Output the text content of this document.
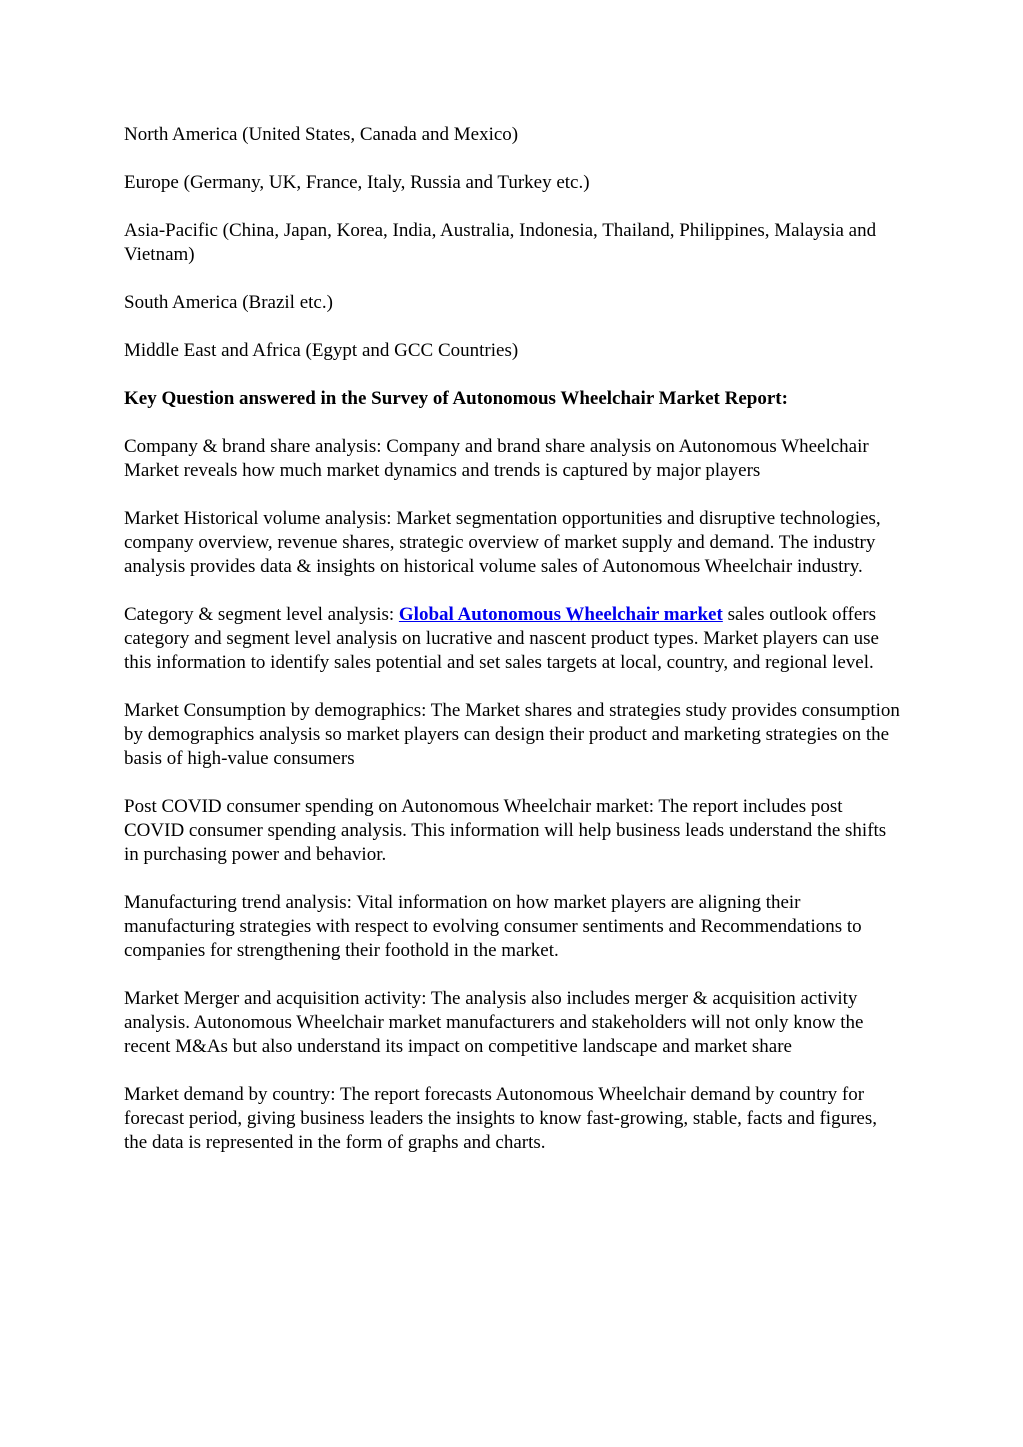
North America (United States, Canada and Mexico)

Europe (Germany, UK, France, Italy, Russia and Turkey etc.)

Asia-Pacific (China, Japan, Korea, India, Australia, Indonesia, Thailand, Philippines, Malaysia and Vietnam)

South America (Brazil etc.)

Middle East and Africa (Egypt and GCC Countries)

Key Question answered in the Survey of Autonomous Wheelchair Market Report:

Company & brand share analysis: Company and brand share analysis on Autonomous Wheelchair Market reveals how much market dynamics and trends is captured by major players

Market Historical volume analysis: Market segmentation opportunities and disruptive technologies, company overview, revenue shares, strategic overview of market supply and demand. The industry analysis provides data & insights on historical volume sales of Autonomous Wheelchair industry.

Category & segment level analysis: Global Autonomous Wheelchair market sales outlook offers category and segment level analysis on lucrative and nascent product types. Market players can use this information to identify sales potential and set sales targets at local, country, and regional level.

Market Consumption by demographics: The Market shares and strategies study provides consumption by demographics analysis so market players can design their product and marketing strategies on the basis of high-value consumers

Post COVID consumer spending on Autonomous Wheelchair market: The report includes post COVID consumer spending analysis. This information will help business leads understand the shifts in purchasing power and behavior.

Manufacturing trend analysis: Vital information on how market players are aligning their manufacturing strategies with respect to evolving consumer sentiments and Recommendations to companies for strengthening their foothold in the market.

Market Merger and acquisition activity: The analysis also includes merger & acquisition activity analysis. Autonomous Wheelchair market manufacturers and stakeholders will not only know the recent M&As but also understand its impact on competitive landscape and market share

Market demand by country: The report forecasts Autonomous Wheelchair demand by country for forecast period, giving business leaders the insights to know fast-growing, stable, facts and figures, the data is represented in the form of graphs and charts.
